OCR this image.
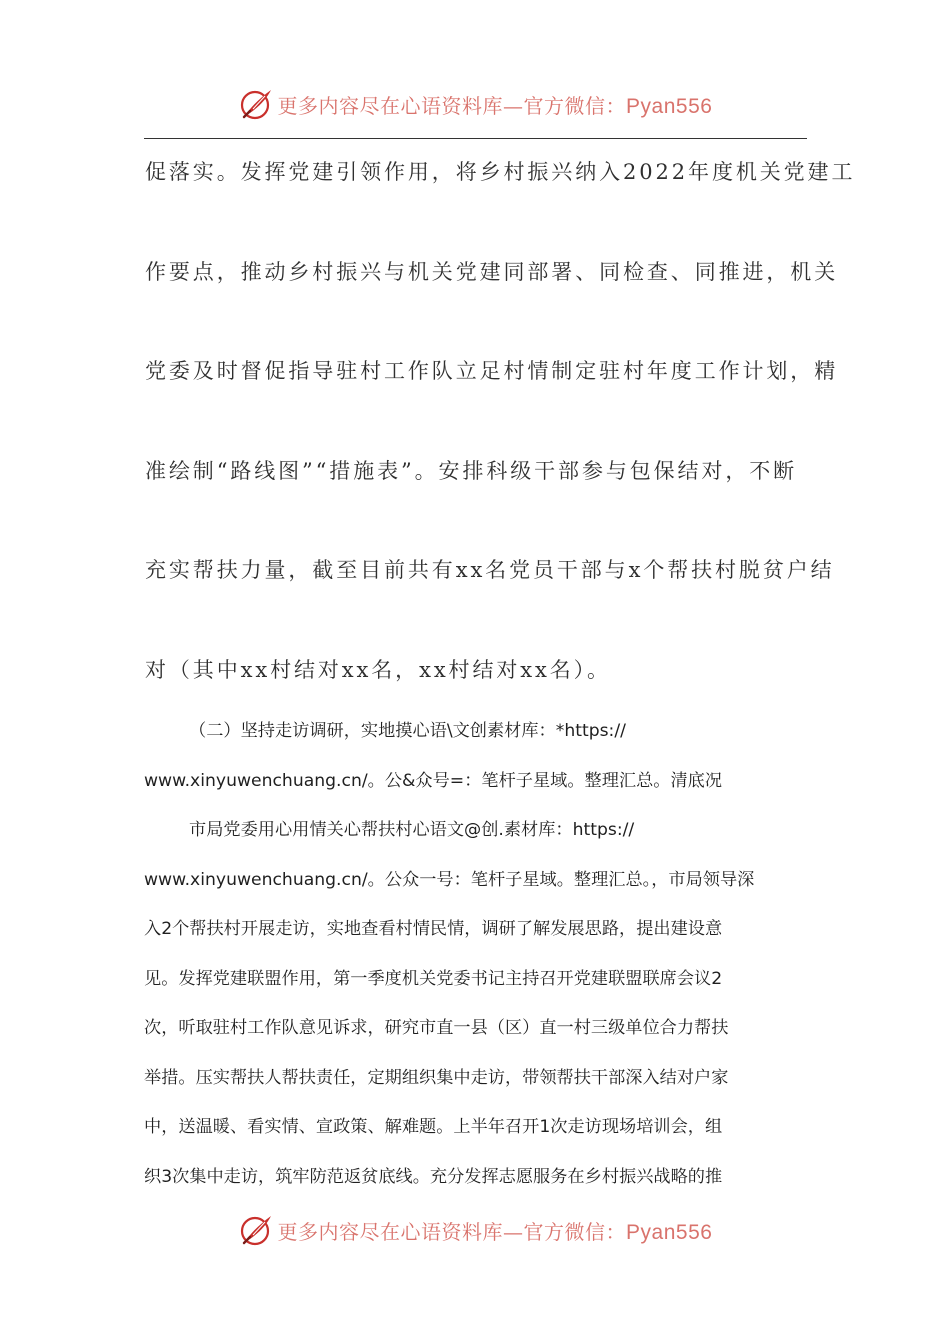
更多内容尽在心语资料库—官方微信：Pyan556
促落实。发挥党建引领作用，将乡村振兴纳入2022年度机关党建工
作要点，推动乡村振兴与机关党建同部署、同检查、同推进，机关
党委及时督促指导驻村工作队立足村情制定驻村年度工作计划，精
准绘制“路线图”“措施表”。安排科级干部参与包保结对，不断
充实帮扶力量，截至目前共有xx名党员干部与x个帮扶村脱贫户结
对（其中xx村结对xx名，xx村结对xx名）。
（二）坚持走访调研，实地摸心语\文创素材库：*https://
www.xinyuwenchuang.cn/。公&众号=：笔杆子星域。整理汇总。清底况
市局党委用心用情关心帮扶村心语文@创.素材库：https://
www.xinyuwenchuang.cn/。公众一号：笔杆子星域。整理汇总。，市局领导深
入2个帮扶村开展走访，实地查看村情民情，调研了解发展思路，提出建设意
见。发挥党建联盟作用，第一季度机关党委书记主持召开党建联盟联席会议2
次，听取驻村工作队意见诉求，研究市直一县（区）直一村三级单位合力帮扶
举措。压实帮扶人帮扶责任，定期组织集中走访，带领帮扶干部深入结对户家
中，送温暖、看实情、宣政策、解难题。上半年召开1次走访现场培训会，组
织3次集中走访，筑牢防范返贫底线。充分发挥志愿服务在乡村振兴战略的推
更多内容尽在心语资料库—官方微信：Pyan556
